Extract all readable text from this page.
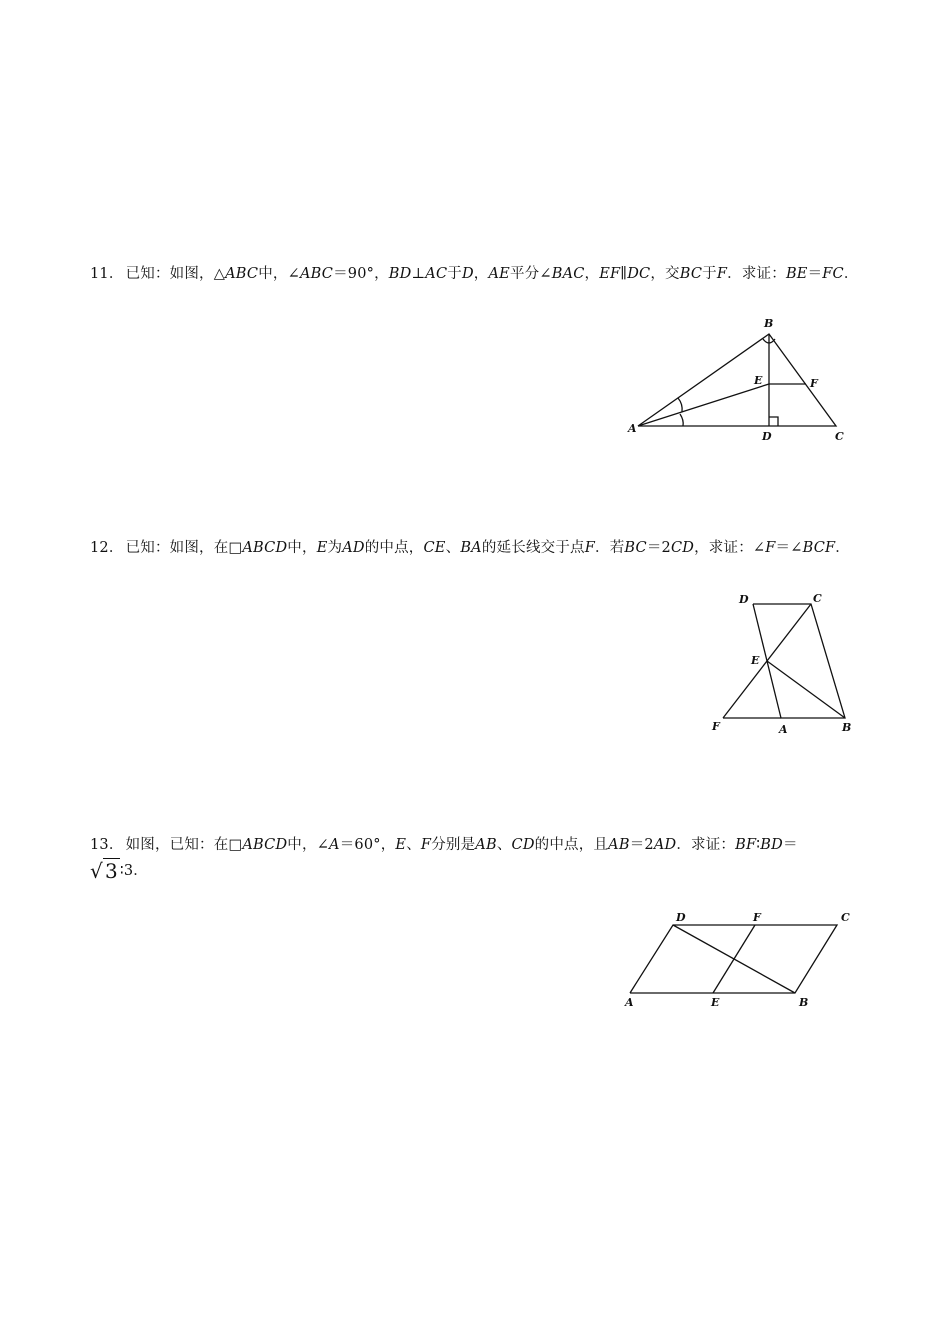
11． 已知：如图，△ABC中，∠ABC＝90°，BD⊥AC于D，AE平分∠BAC，EF∥DC，交BC于F．求证：BE＝FC．
B
E	F
A
D	C
12． 已知：如图，在□ABCD中，E为AD的中点，CE、BA的延长线交于点F．若BC＝2CD，求证：∠F＝∠BCF．
D	C
E
F	A	B
13． 如图，已知：在□ABCD中，∠A＝60°，E、F分别是AB、CD的中点，且AB＝2AD．求证：BF∶BD＝
√ 3 ∶3．
D	F	C
A	E	B
